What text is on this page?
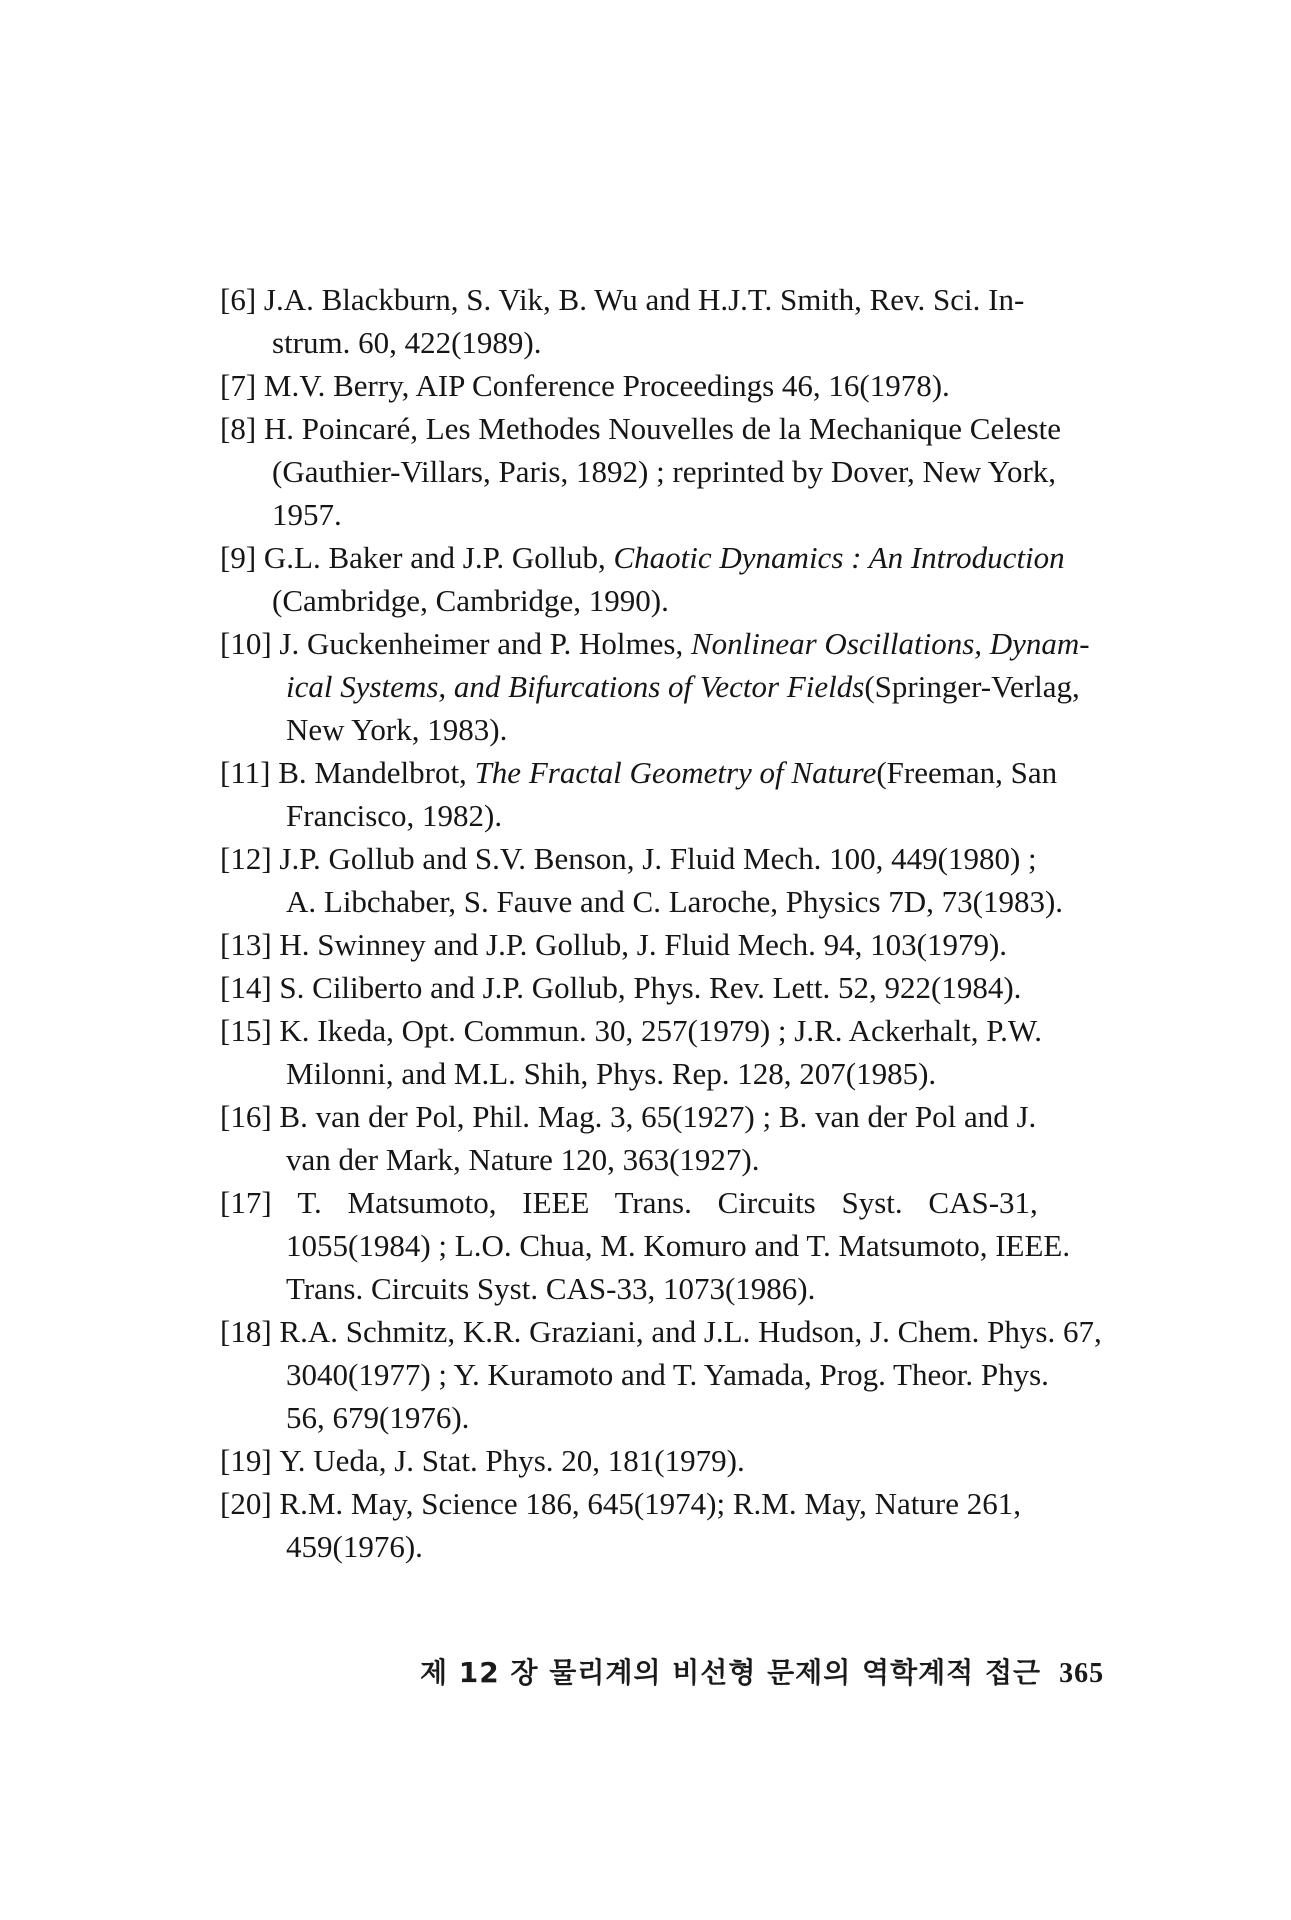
[6] J.A. Blackburn, S. Vik, B. Wu and H.J.T. Smith, Rev. Sci. In-
strum. 60, 422(1989).
[7] M.V. Berry, AIP Conference Proceedings 46, 16(1978).
[8] H. Poincaré, Les Methodes Nouvelles de la Mechanique Celeste
(Gauthier-Villars, Paris, 1892) ; reprinted by Dover, New York,
1957.
[9] G.L. Baker and J.P. Gollub, Chaotic Dynamics : An Introduction
(Cambridge, Cambridge, 1990).
[10] J. Guckenheimer and P. Holmes, Nonlinear Oscillations, Dynam-
ical Systems, and Bifurcations of Vector Fields(Springer-Verlag,
New York, 1983).
[11] B. Mandelbrot, The Fractal Geometry of Nature(Freeman, San
Francisco, 1982).
[12] J.P. Gollub and S.V. Benson, J. Fluid Mech. 100, 449(1980) ;
A. Libchaber, S. Fauve and C. Laroche, Physics 7D, 73(1983).
[13] H. Swinney and J.P. Gollub, J. Fluid Mech. 94, 103(1979).
[14] S. Ciliberto and J.P. Gollub, Phys. Rev. Lett. 52, 922(1984).
[15] K. Ikeda, Opt. Commun. 30, 257(1979) ; J.R. Ackerhalt, P.W.
Milonni, and M.L. Shih, Phys. Rep. 128, 207(1985).
[16] B. van der Pol, Phil. Mag. 3, 65(1927) ; B. van der Pol and J.
van der Mark, Nature 120, 363(1927).
[17] T. Matsumoto, IEEE Trans. Circuits Syst. CAS-31,
1055(1984) ; L.O. Chua, M. Komuro and T. Matsumoto, IEEE.
Trans. Circuits Syst. CAS-33, 1073(1986).
[18] R.A. Schmitz, K.R. Graziani, and J.L. Hudson, J. Chem. Phys. 67,
3040(1977) ; Y. Kuramoto and T. Yamada, Prog. Theor. Phys.
56, 679(1976).
[19] Y. Ueda, J. Stat. Phys. 20, 181(1979).
[20] R.M. May, Science 186, 645(1974); R.M. May, Nature 261,
459(1976).
제 12 장 물리계의 비선형 문제의 역학계적 접근 365
